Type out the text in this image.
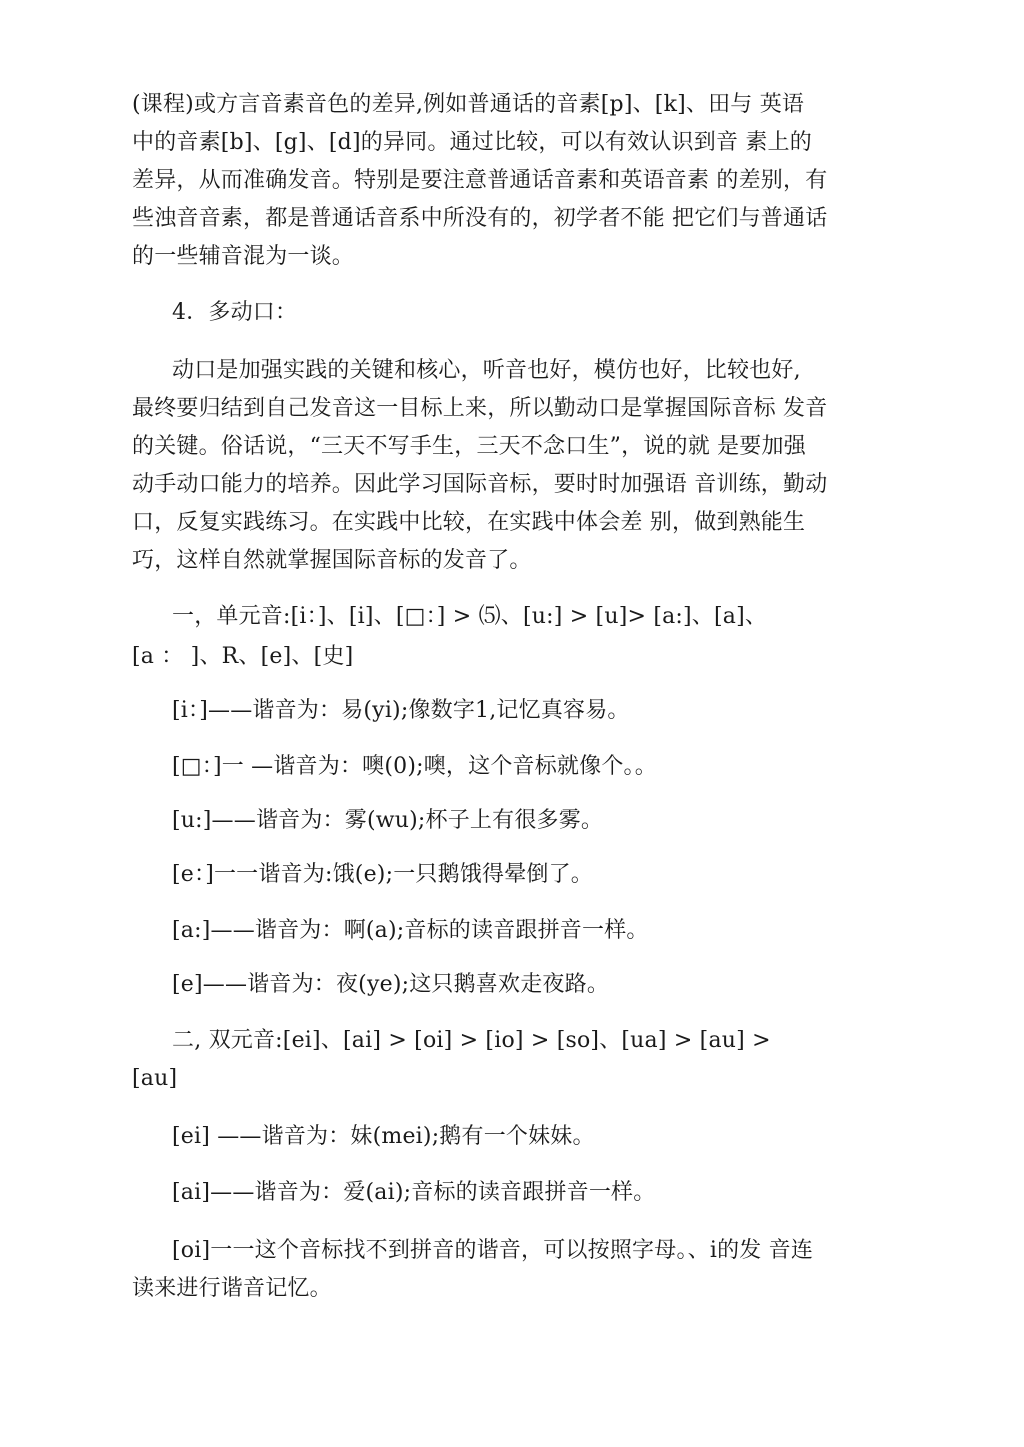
(课程)或方言音素音色的差异,例如普通话的音素[p]、[k]、田与 英语
中的音素[b]、[g]、[d]的异同。通过比较，可以有效认识到音 素上的
差异，从而准确发音。特别是要注意普通话音素和英语音素 的差别，有
些浊音音素，都是普通话音系中所没有的，初学者不能 把它们与普通话
的一些辅音混为一谈。
4．多动口：
动口是加强实践的关键和核心，听音也好，模仿也好，比较也好,
最终要归结到自己发音这一目标上来，所以勤动口是掌握国际音标 发音
的关键。俗话说，“三天不写手生，三天不念口生”，说的就 是要加强
动手动口能力的培养。因此学习国际音标，要时时加强语 音训练，勤动
口，反复实践练习。在实践中比较，在实践中体会差 别，做到熟能生
巧，这样自然就掌握国际音标的发音了。
一，单元音:[i：]、[i]、[□：] > ⑸、[u:] > [u]> [a:]、[a]、
[a ： ]、R、[e]、[史]
[i：]——谐音为：易(yi);像数字1,记忆真容易。
[□：]一 —谐音为：噢(0);噢，这个音标就像个。。
[u:]——谐音为：雾(wu);杯子上有很多雾。
[e：]一一谐音为:饿(e);一只鹅饿得晕倒了。
[a:]——谐音为：啊(a);音标的读音跟拼音一样。
[e]——谐音为：夜(ye);这只鹅喜欢走夜路。
二, 双元音:[ei]、[ai] > [oi] > [io] > [so]、[ua] > [au] >
[au]
[ei] ——谐音为：妹(mei);鹅有一个妹妹。
[ai]——谐音为：爱(ai);音标的读音跟拼音一样。
[oi]一一这个音标找不到拼音的谐音，可以按照字母。、i的发 音连
读来进行谐音记忆。
